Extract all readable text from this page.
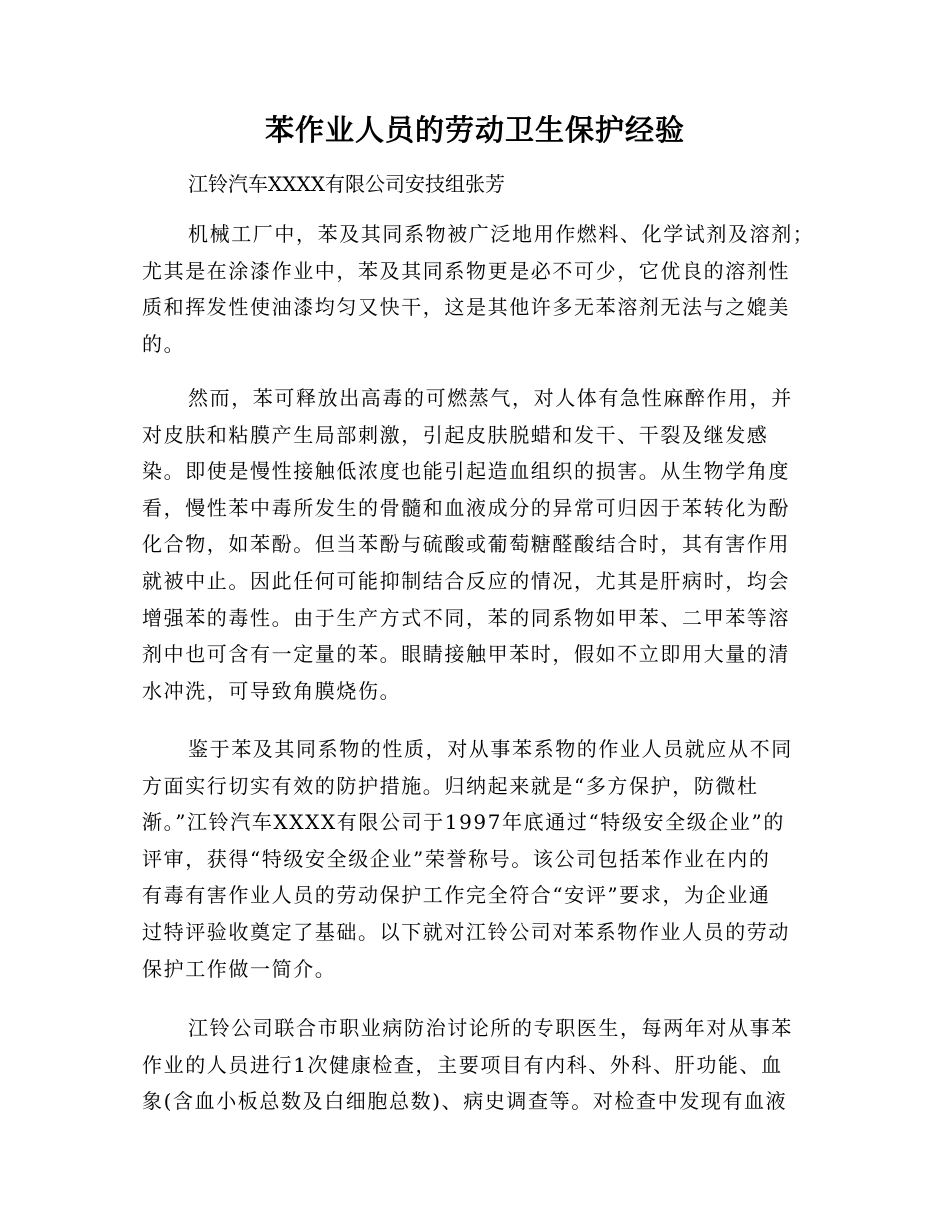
苯作业人员的劳动卫生保护经验

江铃汽车XXXX有限公司安技组张芳

机械工厂中，苯及其同系物被广泛地用作燃料、化学试剂及溶剂；
尤其是在涂漆作业中，苯及其同系物更是必不可少，它优良的溶剂性
质和挥发性使油漆均匀又快干，这是其他许多无苯溶剂无法与之媲美
的。
然而，苯可释放出高毒的可燃蒸气，对人体有急性麻醉作用，并
对皮肤和粘膜产生局部刺激，引起皮肤脱蜡和发干、干裂及继发感
染。即使是慢性接触低浓度也能引起造血组织的损害。从生物学角度
看，慢性苯中毒所发生的骨髓和血液成分的异常可归因于苯转化为酚
化合物，如苯酚。但当苯酚与硫酸或葡萄糖醛酸结合时，其有害作用
就被中止。因此任何可能抑制结合反应的情况，尤其是肝病时，均会
增强苯的毒性。由于生产方式不同，苯的同系物如甲苯、二甲苯等溶
剂中也可含有一定量的苯。眼睛接触甲苯时，假如不立即用大量的清
水冲洗，可导致角膜烧伤。
鉴于苯及其同系物的性质，对从事苯系物的作业人员就应从不同
方面实行切实有效的防护措施。归纳起来就是“多方保护，防微杜
渐。”江铃汽车XXXX有限公司于1997年底通过“特级安全级企业”的
评审，获得“特级安全级企业”荣誉称号。该公司包括苯作业在内的
有毒有害作业人员的劳动保护工作完全符合“安评”要求，为企业通
过特评验收奠定了基础。以下就对江铃公司对苯系物作业人员的劳动
保护工作做一简介。
江铃公司联合市职业病防治讨论所的专职医生，每两年对从事苯
作业的人员进行1次健康检查，主要项目有内科、外科、肝功能、血
象(含血小板总数及白细胞总数)、病史调查等。对检查中发现有血液
